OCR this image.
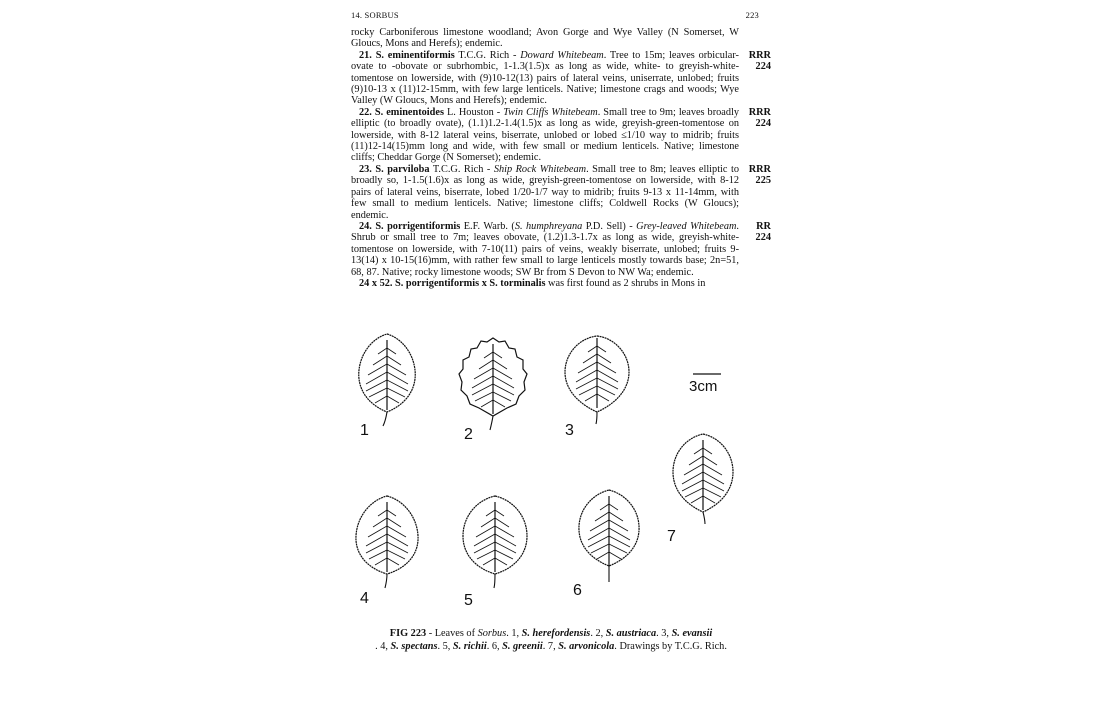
14. SORBUS	223

rocky Carboniferous limestone woodland; Avon Gorge and Wye Valley (N Somerset, W Gloucs, Mons and Herefs); endemic.

21. S. eminentiformis T.C.G. Rich - Doward Whitebeam. Tree to 15m; leaves orbicular-ovate to -obovate or subrhombic, 1-1.3(1.5)x as long as wide, white- to greyish-white-tomentose on lowerside, with (9)10-12(13) pairs of lateral veins, uniserrate, unlobed; fruits (9)10-13 x (11)12-15mm, with few large lenticels. Native; limestone crags and woods; Wye Valley (W Gloucs, Mons and Herefs); endemic.
RRR
224

22. S. eminentoides L. Houston - Twin Cliffs Whitebeam. Small tree to 9m; leaves broadly elliptic (to broadly ovate), (1.1)1.2-1.4(1.5)x as long as wide, greyish-green-tomentose on lowerside, with 8-12 lateral veins, biserrate, unlobed or lobed ≤1/10 way to midrib; fruits (11)12-14(15)mm long and wide, with few small or medium lenticels. Native; limestone cliffs; Cheddar Gorge (N Somerset); endemic.
RRR
224

23. S. parviloba T.C.G. Rich - Ship Rock Whitebeam. Small tree to 8m; leaves elliptic to broadly so, 1-1.5(1.6)x as long as wide, greyish-green-tomentose on lowerside, with 8-12 pairs of lateral veins, biserrate, lobed 1/20-1/7 way to midrib; fruits 9-13 x 11-14mm, with few small to medium lenticels. Native; limestone cliffs; Coldwell Rocks (W Gloucs); endemic.
RRR
225

24. S. porrigentiformis E.F. Warb. (S. humphreyana P.D. Sell) - Grey-leaved Whitebeam. Shrub or small tree to 7m; leaves obovate, (1.2)1.3-1.7x as long as wide, greyish-white-tomentose on lowerside, with 7-10(11) pairs of veins, weakly biserrate, unlobed; fruits 9-13(14) x 10-15(16)mm, with rather few small to large lenticels mostly towards base; 2n=51, 68, 87. Native; rocky limestone woods; SW Br from S Devon to NW Wa; endemic.
RR
224

24 x 52. S. porrigentiformis x S. torminalis was first found as 2 shrubs in Mons in

1	2	3
7
4	5
6
3cm
FIG 223 - Leaves of Sorbus. 1, S. herefordensis. 2, S. austriaca. 3, S. evansii
. 4, S. spectans. 5, S. richii. 6, S. greenii. 7, S. arvonicola. Drawings by T.C.G. Rich.
